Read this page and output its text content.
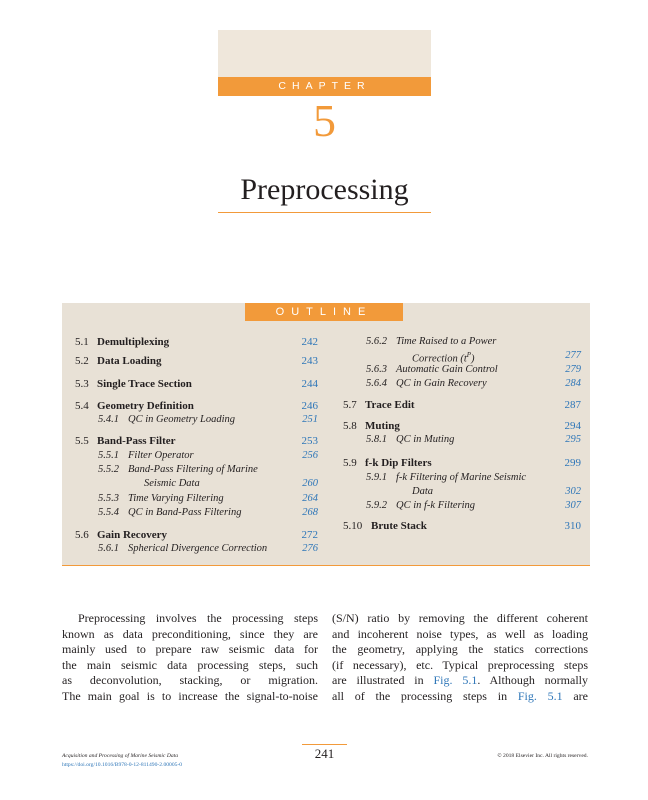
CHAPTER
5
Preprocessing
OUTLINE
5.1 Demultiplexing	242
5.2 Data Loading	243
5.3 Single Trace Section	244
5.4 Geometry Definition	246
5.4.1 QC in Geometry Loading	251
5.5 Band-Pass Filter	253
5.5.1 Filter Operator	256
5.5.2 Band-Pass Filtering of Marine
Seismic Data	260
5.5.3 Time Varying Filtering	264
5.5.4 QC in Band-Pass Filtering	268
5.6 Gain Recovery	272
5.6.1 Spherical Divergence Correction	276
5.6.2 Time Raised to a Power
Correction $(t^P)$	277
5.6.3 Automatic Gain Control	279
5.6.4 QC in Gain Recovery	284
5.7 Trace Edit	287
5.8 Muting	294
5.8.1 QC in Muting	295
5.9 f-k Dip Filters	299
5.9.1 f-k Filtering of Marine Seismic
Data	302
5.9.2 QC in f-k Filtering	307
5.10 Brute Stack	310
Preprocessing involves the processing steps
known as data preconditioning, since they are
mainly used to prepare raw seismic data for
the main seismic data processing steps, such
as deconvolution, stacking, or migration.
The main goal is to increase the signal-to-noise
(S/N) ratio by removing the different coherent
and incoherent noise types, as well as loading
the geometry, applying the statics corrections
(if necessary), etc. Typical preprocessing steps
are illustrated in Fig. 5.1. Although normally
all of the processing steps in Fig. 5.1 are
241
Acquisition and Processing of Marine Seismic Data
https://doi.org/10.1016/B978-0-12-811490-2.00005-0
© 2018 Elsevier Inc. All rights reserved.
